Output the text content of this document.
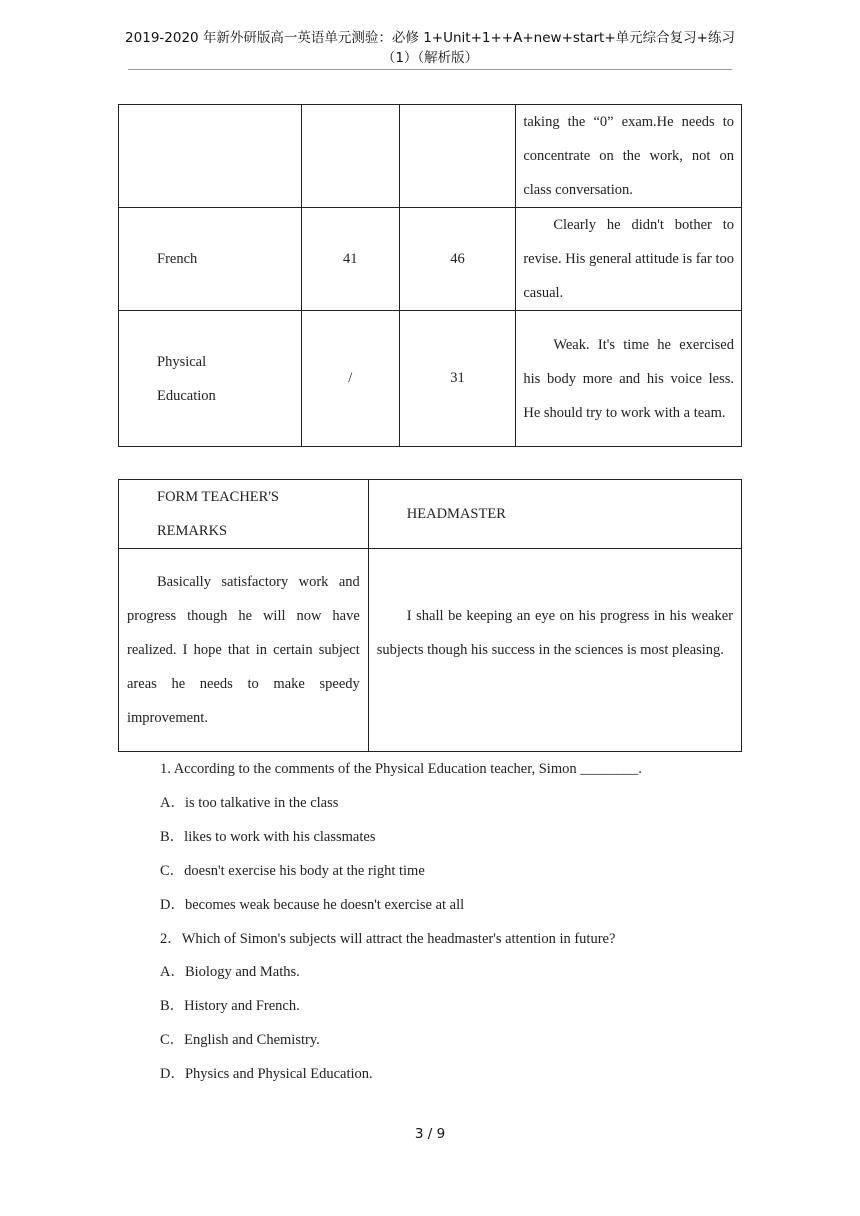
2019-2020 年新外研版高一英语单元测验：必修 1+Unit+1++A+new+start+单元综合复习+练习
（1）（解析版）

			taking the “0” exam.He needs to concentrate on the work, not on class conversation.

French	41	46	Clearly he didn't bother to revise. His general attitude is far too casual.

Physical Education	/	31	Weak. It's time he exercised his body more and his voice less. He should try to work with a team.
FORM TEACHER'S REMARKS	HEADMASTER

Basically satisfactory work and progress though he will now have realized. I hope that in certain subject areas he needs to make speedy improvement.	I shall be keeping an eye on his progress in his weaker subjects though his success in the sciences is most pleasing.
1. According to the comments of the Physical Education teacher, Simon ________.
A．is too talkative in the class
B．likes to work with his classmates
C．doesn't exercise his body at the right time
D．becomes weak because he doesn't exercise at all
2．Which of Simon's subjects will attract the headmaster's attention in future?
A．Biology and Maths.
B．History and French.
C．English and Chemistry.
D．Physics and Physical Education.
3 / 9
